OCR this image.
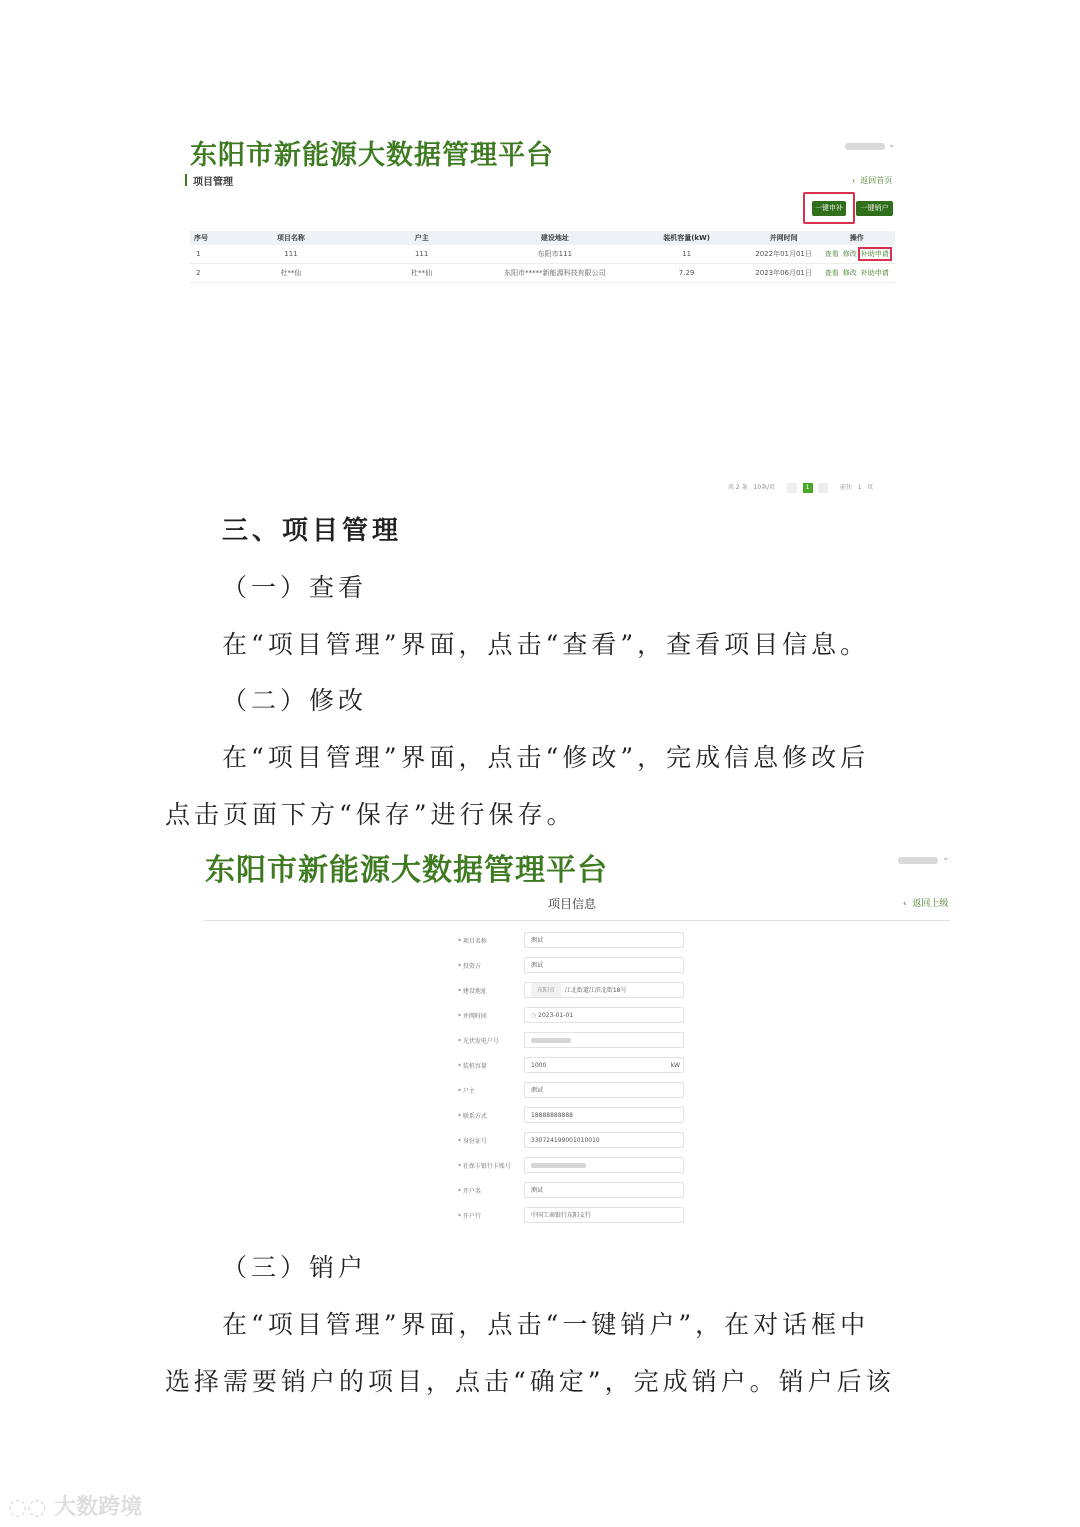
东阳市新能源大数据管理平台	⌄
项目管理	‹ 返回首页
一键申补	一键销户
序号	项目名称	户主	建设地址	装机容量(kW)	并网时间	操作
1	111	111	东阳市111	11	2022年01月01日	查看 修改 补助申请
2	杜**仙	杜**仙	东阳市*****新能源科技有限公司	7.29	2023年06月01日	查看 修改 补助申请
共 2 条 10条/页	1	前往 1 页
三、项目管理
（一）查看
在“项目管理”界面，点击“查看”，查看项目信息。
（二）修改
在“项目管理”界面，点击“修改”，完成信息修改后
点击页面下方“保存”进行保存。
东阳市新能源大数据管理平台	⌄
项目信息	‹ 返回上级
* 项目名称	测试
* 投资方	测试
* 建设地址	东阳市 江北街道江滨北街18号
* 并网时间	◷ 2023-01-01
* 光伏发电户号
* 装机容量	1000	kW
* 户主	测试
* 联系方式	18888888888
* 身份证号	330724199001010010
* 社保卡银行卡账号
* 开户名	测试
* 开户行	中国工商银行东阳支行
（三）销户
在“项目管理”界面，点击“一键销户”，在对话框中
选择需要销户的项目，点击“确定”，完成销户。销户后该
◌◌ 大数跨境
